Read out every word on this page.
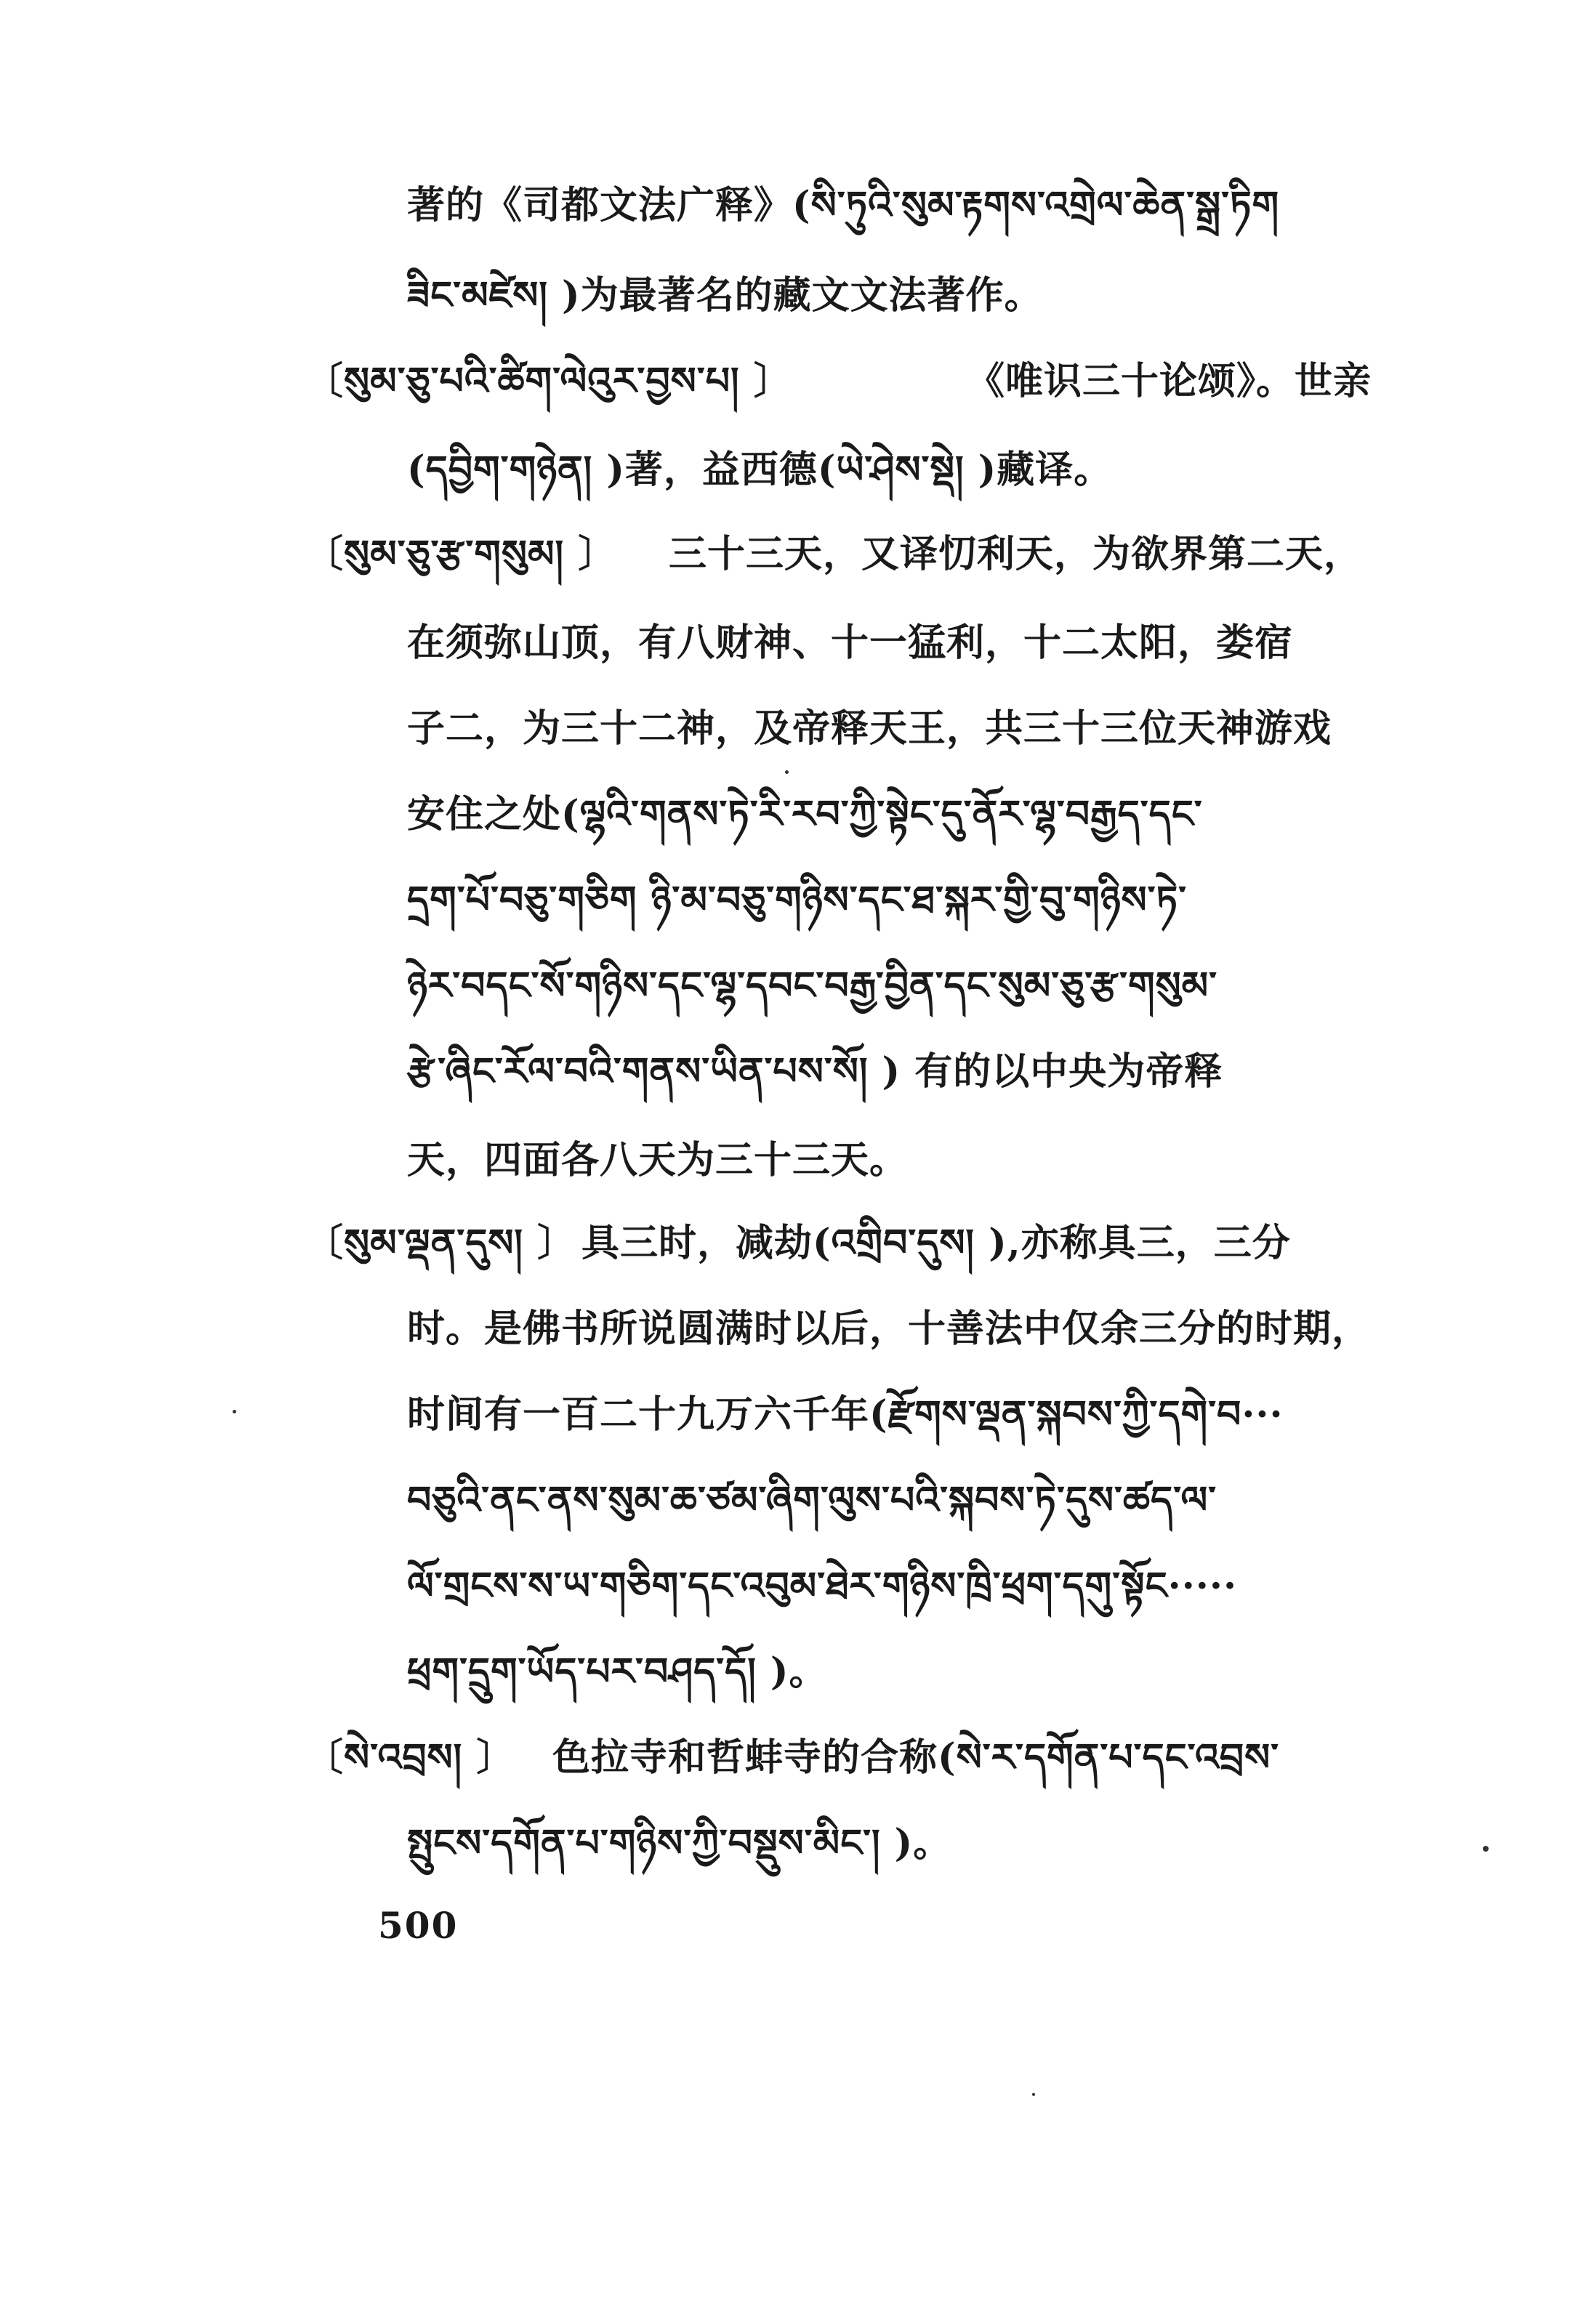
著的《司都文法广释》(སི་ཏུའི་སུམ་རྟགས་འགྲེལ་ཆེན་སྒྲ་ཏིག
ཟིང་མཛེས། )为最著名的藏文文法著作。
〔སུམ་ཅུ་པའི་ཚིག་ལེའུར་བྱས་པ། 〕	《唯识三十论颂》。世亲
(དབྱིག་གཉེན། )著，益西德(ཡེ་ཤེས་སྡེ། )藏译。
〔སུམ་ཅུ་རྩ་གསུམ། 〕 三十三天，又译忉利天，为欲界第二天，
在须弥山顶，有八财神、十一猛利，十二太阳，娄宿
子二，为三十二神，及帝释天王，共三十三位天神游戏
安住之处(ལྷའི་གནས་ཏེ་རི་རབ་ཀྱི་སྟེང་དུ་ནོར་ལྷ་བརྒྱད་དང་
དྲག་པོ་བཅུ་གཅིག ཉི་མ་བཅུ་གཉིས་དང་ཐ་སྐར་གྱི་བུ་གཉིས་ཏེ་
ཉེར་བདང་སོ་གཉིས་དང་ལྷ་དབང་བརྒྱ་བྱིན་དང་སུམ་ཅུ་རྩ་གསུམ་
རྩེ་ཞིང་རོལ་བའི་གནས་ཡིན་པས་སོ། ) 有的以中央为帝释
天，四面各八天为三十三天。
〔སུམ་ལྡན་དུས། 〕 具三时，减劫(འགྲིབ་དུས། ),亦称具三，三分
时。是佛书所说圆满时以后，十善法中仅余三分的时期，
时间有一百二十九万六千年(རྫོགས་ལྡན་སྐབས་ཀྱི་དགེ་བ···
བཅུའི་ནང་ནས་སུམ་ཆ་ཙམ་ཞིག་ལུས་པའི་སྐབས་ཏེ་དུས་ཚད་ལ་
ལོ་གྲངས་ས་ཡ་གཅིག་དང་འབུམ་ཐེར་གཉིས་ཁྲི་ཕྲག་དགུ་སྟོང·····
ཕྲག་དྲུག་ཡོད་པར་བཤད་དོ། )。
〔སེ་འབྲས། 〕 色拉寺和哲蚌寺的合称(སེ་ར་དགོན་པ་དང་འབྲས་
སྤུངས་དགོན་པ་གཉིས་ཀྱི་བསྡུས་མིང་། )。
500
